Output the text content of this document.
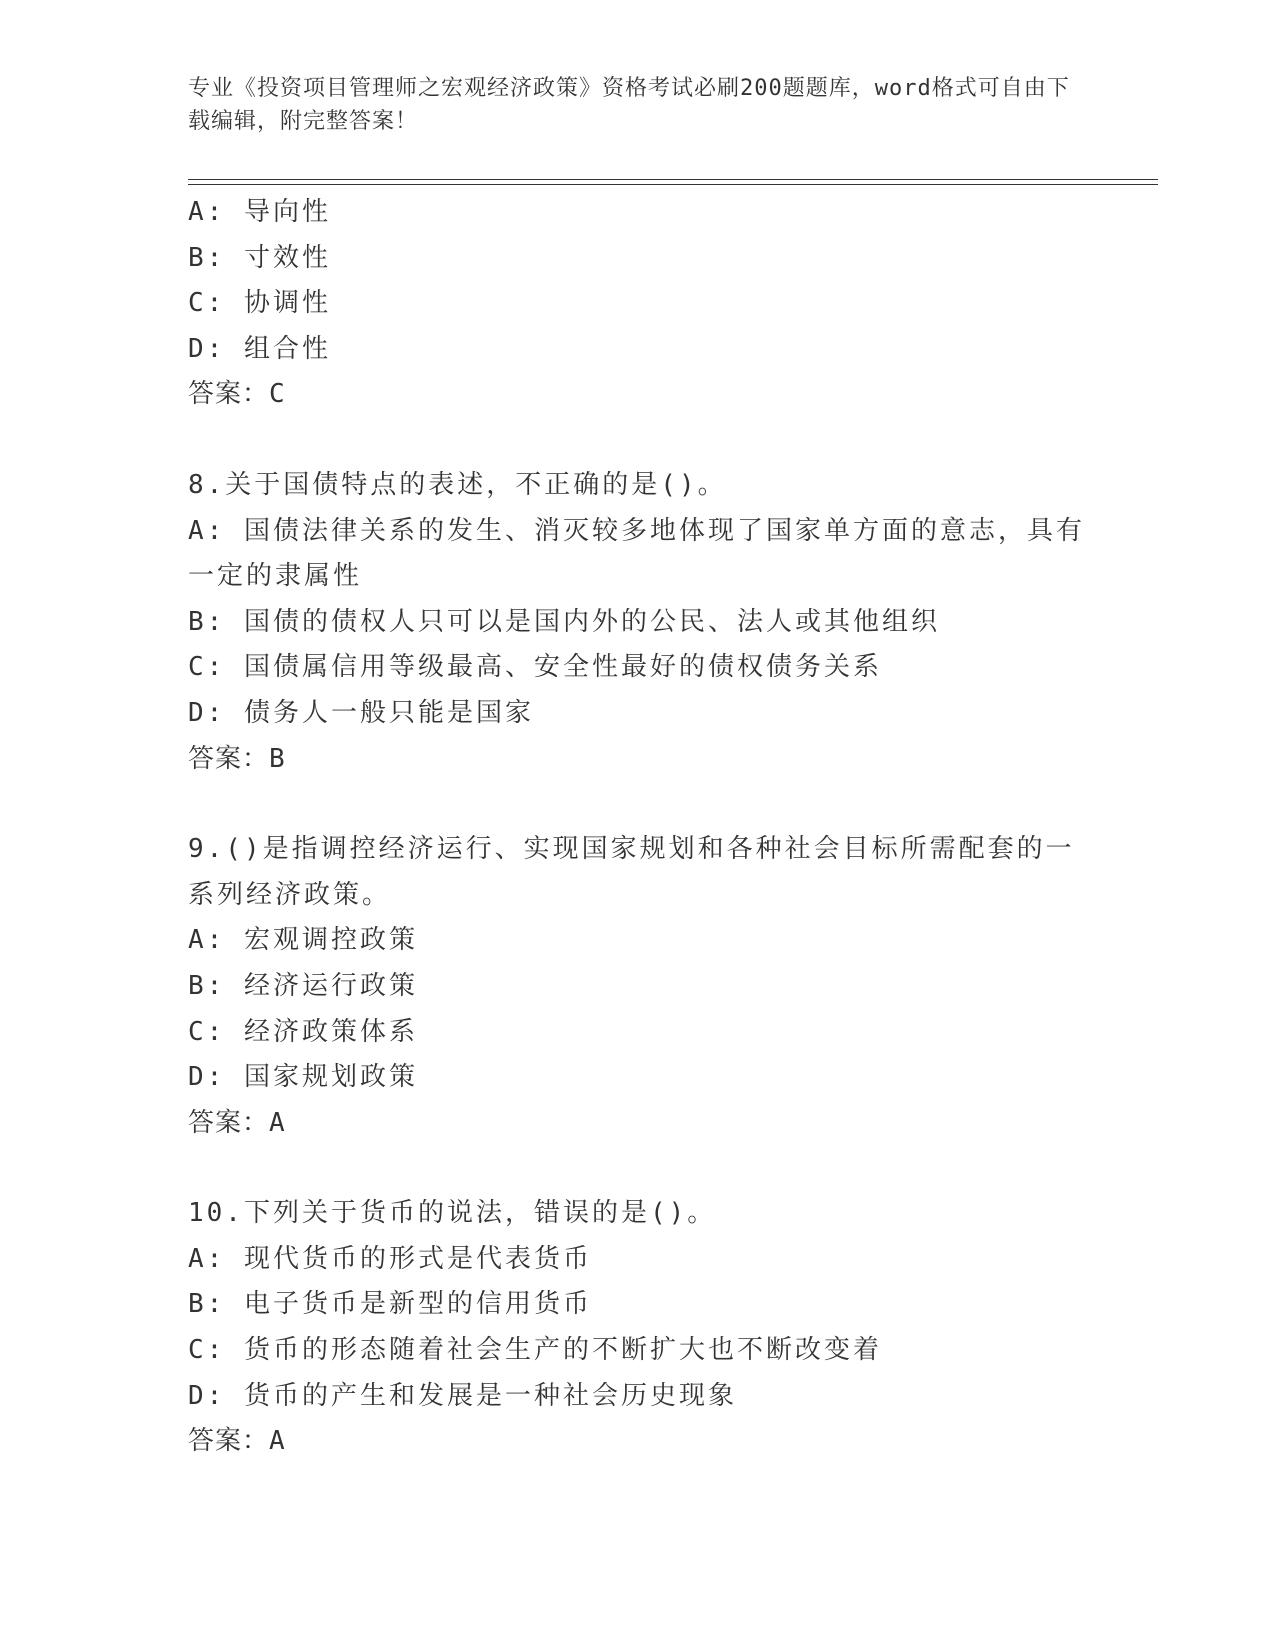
专业《投资项目管理师之宏观经济政策》资格考试必刷200题题库，word格式可自由下载编辑，附完整答案！
A: 导向性
B: 寸效性
C: 协调性
D: 组合性
答案：C
8.关于国债特点的表述，不正确的是()。
A: 国债法律关系的发生、消灭较多地体现了国家单方面的意志，具有一定的隶属性
B: 国债的债权人只可以是国内外的公民、法人或其他组织
C: 国债属信用等级最高、安全性最好的债权债务关系
D: 债务人一般只能是国家
答案：B
9.()是指调控经济运行、实现国家规划和各种社会目标所需配套的一系列经济政策。
A: 宏观调控政策
B: 经济运行政策
C: 经济政策体系
D: 国家规划政策
答案：A
10.下列关于货币的说法，错误的是()。
A: 现代货币的形式是代表货币
B: 电子货币是新型的信用货币
C: 货币的形态随着社会生产的不断扩大也不断改变着
D: 货币的产生和发展是一种社会历史现象
答案：A
